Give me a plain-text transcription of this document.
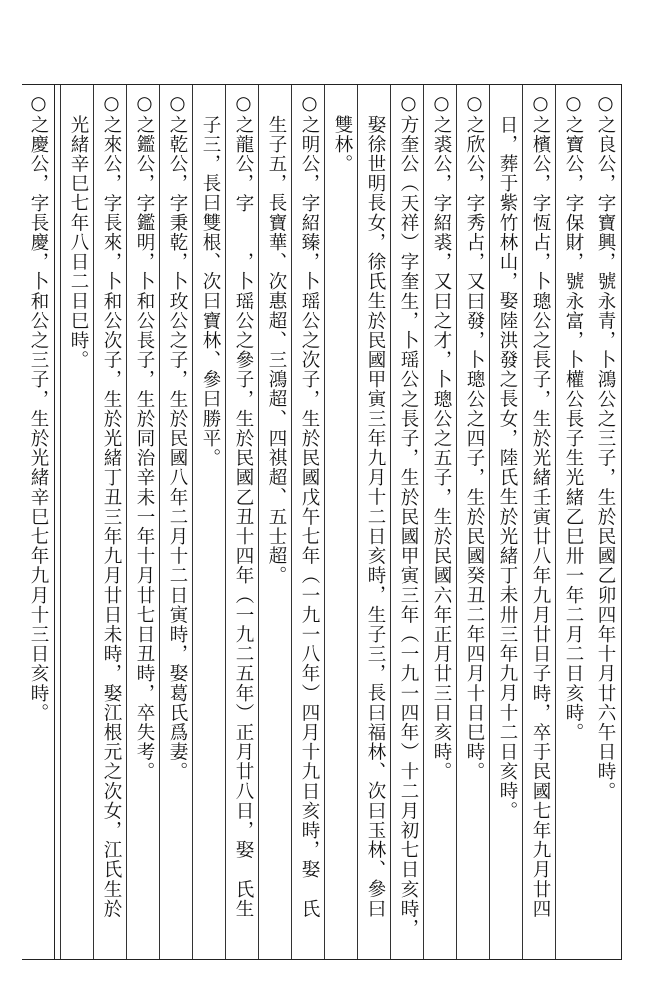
○之良公，字寶興，號永青，卜鴻公之三子，生於民國乙卯四年十月廿六午日時。
○之寶公，字保財，號永富，卜權公長子生光緒乙巳卅一年二月二日亥時。
○之檳公，字恆占，卜璁公之長子，生於光緒壬寅廿八年九月廿日子時，卒于民國七年九月廿四
日，葬于紫竹林山，娶陸洪發之長女，陸氏生於光緒丁未卅三年九月十二日亥時。
○之欣公，字秀占，又曰發，卜璁公之四子，生於民國癸丑二年四月十日巳時。
○之裘公，字紹裘，又曰之才，卜璁公之五子，生於民國六年正月廿三日亥時。
○方奎公（天祥）字奎生，卜瑶公之長子，生於民國甲寅三年（一九一四年）十二月初七日亥時，
娶徐世明長女，徐氏生於民國甲寅三年九月十二日亥時，生子三，長曰福林、次曰玉林、參曰
雙林。
○之明公，字紹臻，卜瑶公之次子，生於民國戊午七年（一九一八年）四月十九日亥時，娶　氏
生子五，長寶華、次惠超、三鴻超、四祺超、五士超。
○之龍公，字　　，卜瑶公之參子，生於民國乙丑十四年（一九二五年）正月廿八日，娶　氏生
子三，長曰雙根、次曰寶林、參曰勝平。
○之乾公，字秉乾，卜玫公之子，生於民國八年二月十二日寅時，娶葛氏爲妻。
○之鑑公，字鑑明，卜和公長子，生於同治辛未一年十月廿七日丑時，卒失考。
○之來公，字長來，卜和公次子，生於光緒丁丑三年九月廿日未時，娶江根元之次女，江氏生於
光緒辛巳七年八日二日巳時。
○之慶公，字長慶，卜和公之三子，生於光緒辛巳七年九月十三日亥時。
